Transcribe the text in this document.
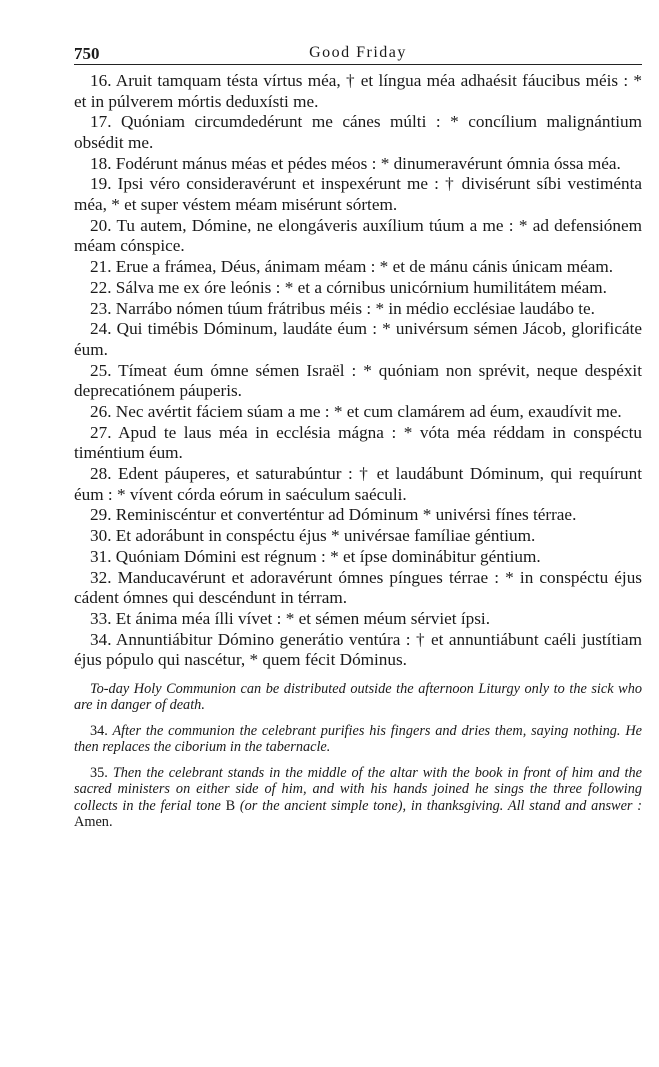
750	Good Friday

16. Aruit tamquam tésta vírtus méa, † et língua méa adhaésit fáucibus méis : * et in púlverem mórtis deduxísti me.

17. Quóniam circumdedérunt me cánes múlti : * concílium malignántium obsédit me.

18. Fodérunt mánus méas et pédes méos : * dinumeravérunt ómnia óssa méa.

19. Ipsi véro consideravérunt et inspexérunt me : † divisérunt síbi vestiménta méa, * et super véstem méam misérunt sórtem.

20. Tu autem, Dómine, ne elongáveris auxílium túum a me : * ad defensiónem méam cónspice.

21. Erue a frámea, Déus, ánimam méam : * et de mánu cánis únicam méam.

22. Sálva me ex óre leónis : * et a córnibus unicórnium humilitátem méam.

23. Narrábo nómen túum frátribus méis : * in médio ecclésiae laudábo te.

24. Qui timébis Dóminum, laudáte éum : * univérsum sémen Jácob, glorificáte éum.

25. Tímeat éum ómne sémen Israël : * quóniam non sprévit, neque despéxit deprecatiónem páuperis.

26. Nec avértit fáciem súam a me : * et cum clamárem ad éum, exaudívit me.

27. Apud te laus méa in ecclésia mágna : * vóta méa réddam in conspéctu timéntium éum.

28. Edent páuperes, et saturabúntur : † et laudábunt Dóminum, qui requírunt éum : * vívent córda eórum in saéculum saéculi.

29. Reminiscéntur et converténtur ad Dóminum * univérsi fínes térrae.

30. Et adorábunt in conspéctu éjus * univérsae famíliae géntium.

31. Quóniam Dómini est régnum : * et ípse dominábitur géntium.

32. Manducavérunt et adoravérunt ómnes píngues térrae : * in conspéctu éjus cádent ómnes qui descéndunt in térram.

33. Et ánima méa ílli vívet : * et sémen méum sérviet ípsi.

34. Annuntiábitur Dómino generátio ventúra : † et annuntiábunt caéli justítiam éjus pópulo qui nascétur, * quem fécit Dóminus.

To-day Holy Communion can be distributed outside the afternoon Liturgy only to the sick who are in danger of death.

34. After the communion the celebrant purifies his fingers and dries them, saying nothing. He then replaces the ciborium in the tabernacle.

35. Then the celebrant stands in the middle of the altar with the book in front of him and the sacred ministers on either side of him, and with his hands joined he sings the three following collects in the ferial tone B (or the ancient simple tone), in thanksgiving. All stand and answer : Amen.
